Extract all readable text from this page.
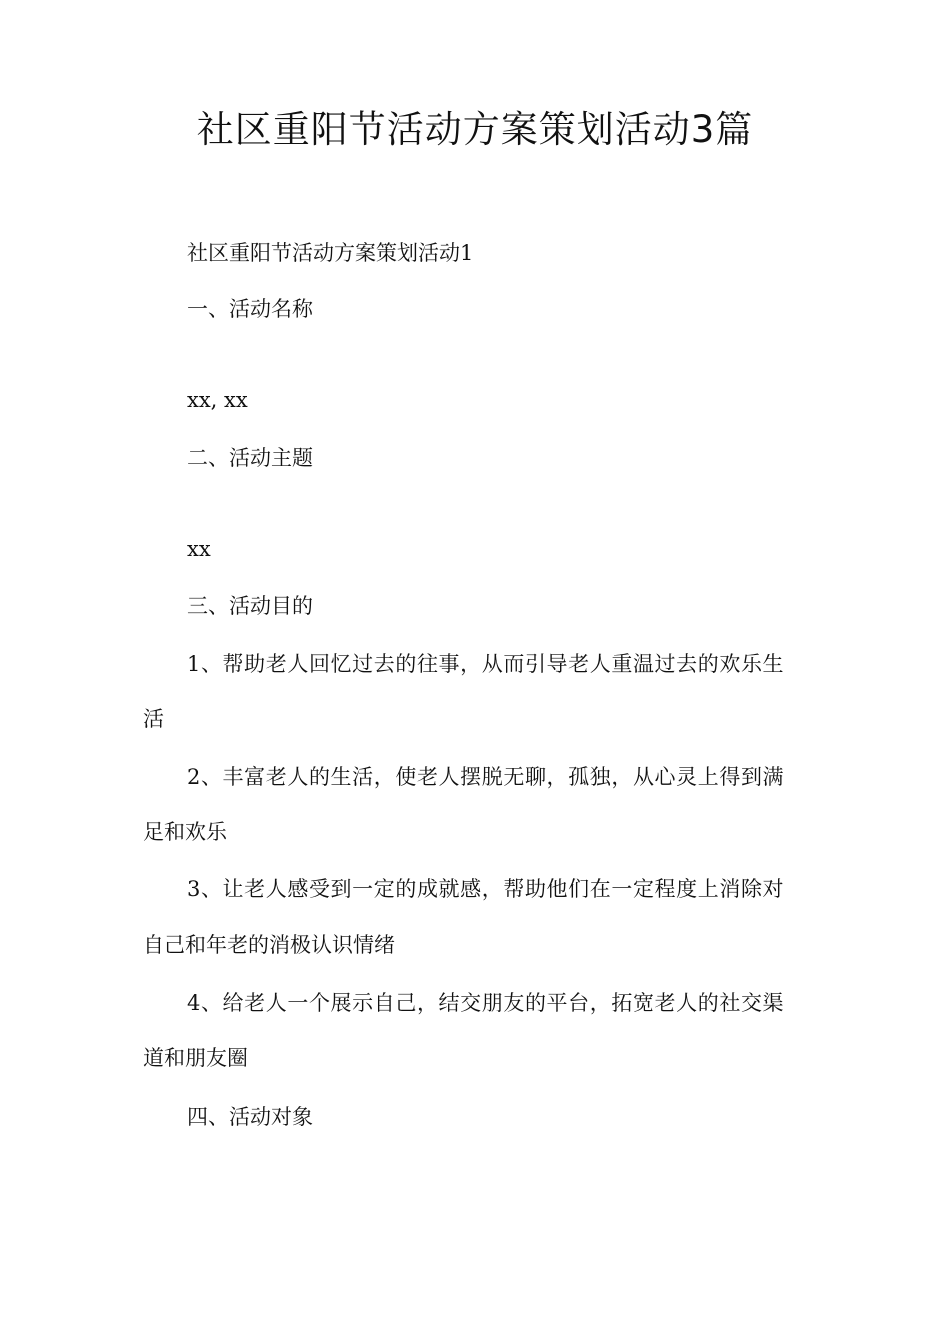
社区重阳节活动方案策划活动3篇
社区重阳节活动方案策划活动1
一、活动名称
xx, xx
二、活动主题
xx
三、活动目的
1、帮助老人回忆过去的往事，从而引导老人重温过去的欢乐生
活
2、丰富老人的生活，使老人摆脱无聊，孤独，从心灵上得到满
足和欢乐
3、让老人感受到一定的成就感，帮助他们在一定程度上消除对
自己和年老的消极认识情绪
4、给老人一个展示自己，结交朋友的平台，拓宽老人的社交渠
道和朋友圈
四、活动对象
